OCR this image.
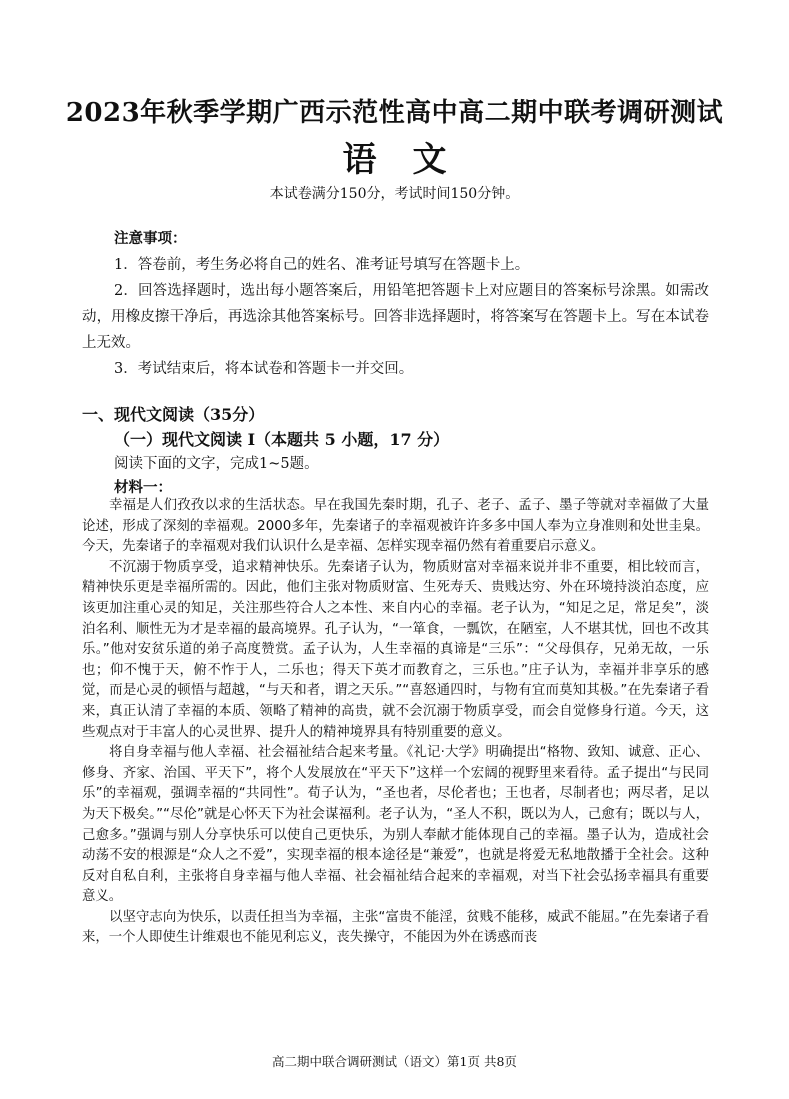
2023年秋季学期广西示范性高中高二期中联考调研测试
语文
本试卷满分150分，考试时间150分钟。
注意事项：

1．答卷前，考生务必将自己的姓名、准考证号填写在答题卡上。

2．回答选择题时，选出每小题答案后，用铅笔把答题卡上对应题目的答案标号涂黑。如需改动，用橡皮擦干净后，再选涂其他答案标号。回答非选择题时，将答案写在答题卡上。写在本试卷上无效。

3．考试结束后，将本试卷和答题卡一并交回。

一、现代文阅读（35分）
（一）现代文阅读 I（本题共 5 小题，17 分）
阅读下面的文字，完成1~5题。
材料一：

幸福是人们孜孜以求的生活状态。早在我国先秦时期，孔子、老子、孟子、墨子等就对幸福做了大量论述，形成了深刻的幸福观。2000多年，先秦诸子的幸福观被许许多多中国人奉为立身准则和处世圭臬。今天，先秦诸子的幸福观对我们认识什么是幸福、怎样实现幸福仍然有着重要启示意义。

不沉溺于物质享受，追求精神快乐。先秦诸子认为，物质财富对幸福来说并非不重要，相比较而言，精神快乐更是幸福所需的。因此，他们主张对物质财富、生死寿夭、贵贱达穷、外在环境持淡泊态度，应该更加注重心灵的知足，关注那些符合人之本性、来自内心的幸福。老子认为，“知足之足，常足矣”，淡泊名利、顺性无为才是幸福的最高境界。孔子认为，“一箪食，一瓢饮，在陋室，人不堪其忧，回也不改其乐。”他对安贫乐道的弟子高度赞赏。孟子认为，人生幸福的真谛是“三乐”：“父母俱存，兄弟无故，一乐也；仰不愧于天，俯不怍于人，二乐也；得天下英才而教育之，三乐也。”庄子认为，幸福并非享乐的感觉，而是心灵的顿悟与超越，“与天和者，谓之天乐。”“喜怒通四时，与物有宜而莫知其极。”在先秦诸子看来，真正认清了幸福的本质、领略了精神的高贵，就不会沉溺于物质享受，而会自觉修身行道。今天，这些观点对于丰富人的心灵世界、提升人的精神境界具有特别重要的意义。

将自身幸福与他人幸福、社会福祉结合起来考量。《礼记·大学》明确提出“格物、致知、诚意、正心、修身、齐家、治国、平天下”，将个人发展放在“平天下”这样一个宏阔的视野里来看待。孟子提出“与民同乐”的幸福观，强调幸福的“共同性”。荀子认为，“圣也者，尽伦者也；王也者，尽制者也；两尽者，足以为天下极矣。”“尽伦”就是心怀天下为社会谋福利。老子认为，“圣人不积，既以为人，己愈有；既以与人，己愈多。”强调与别人分享快乐可以使自己更快乐，为别人奉献才能体现自己的幸福。墨子认为，造成社会动荡不安的根源是“众人之不爱”，实现幸福的根本途径是“兼爱”，也就是将爱无私地散播于全社会。这种反对自私自利，主张将自身幸福与他人幸福、社会福祉结合起来的幸福观，对当下社会弘扬幸福具有重要意义。

以坚守志向为快乐，以责任担当为幸福，主张“富贵不能淫，贫贱不能移，威武不能屈。”在先秦诸子看来，一个人即使生计维艰也不能见利忘义，丧失操守，不能因为外在诱惑而丧

高二期中联合调研测试（语文）第1页 共8页
